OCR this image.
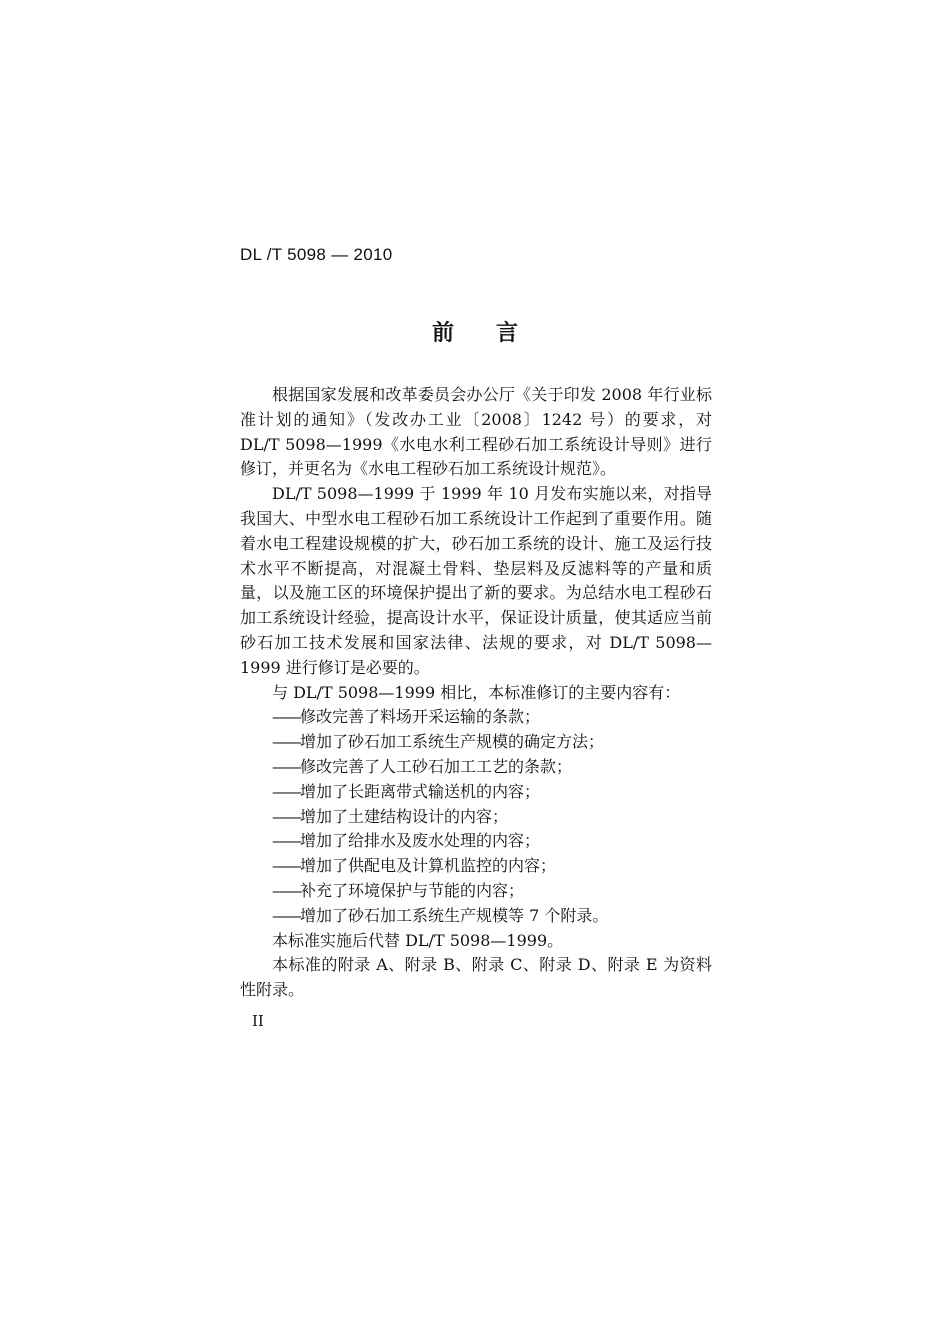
DL /T 5098 — 2010
前言

根据国家发展和改革委员会办公厅《关于印发 2008 年行业标准计划的通知》（发改办工业〔2008〕1242 号）的要求，对 DL/T 5098—1999《水电水利工程砂石加工系统设计导则》进行修订，并更名为《水电工程砂石加工系统设计规范》。

DL/T 5098—1999 于 1999 年 10 月发布实施以来，对指导我国大、中型水电工程砂石加工系统设计工作起到了重要作用。随着水电工程建设规模的扩大，砂石加工系统的设计、施工及运行技术水平不断提高，对混凝土骨料、垫层料及反滤料等的产量和质量，以及施工区的环境保护提出了新的要求。为总结水电工程砂石加工系统设计经验，提高设计水平，保证设计质量，使其适应当前砂石加工技术发展和国家法律、法规的要求，对 DL/T 5098—1999 进行修订是必要的。

与 DL/T 5098—1999 相比，本标准修订的主要内容有：

——修改完善了料场开采运输的条款；
——增加了砂石加工系统生产规模的确定方法；
——修改完善了人工砂石加工工艺的条款；
——增加了长距离带式输送机的内容；
——增加了土建结构设计的内容；
——增加了给排水及废水处理的内容；
——增加了供配电及计算机监控的内容；
——补充了环境保护与节能的内容；
——增加了砂石加工系统生产规模等 7 个附录。

本标准实施后代替 DL/T 5098—1999。

本标准的附录 A、附录 B、附录 C、附录 D、附录 E 为资料性附录。

II
